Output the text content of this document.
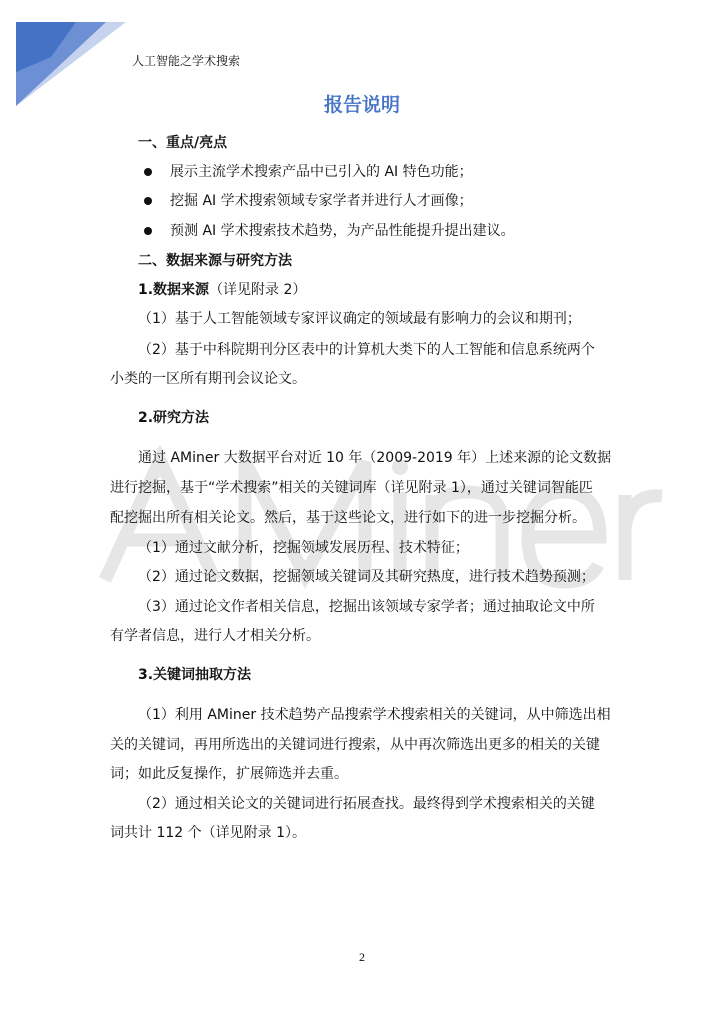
人工智能之学术搜索
报告说明
一、重点/亮点
展示主流学术搜索产品中已引入的 AI 特色功能；
挖掘 AI 学术搜索领域专家学者并进行人才画像；
预测 AI 学术搜索技术趋势，为产品性能提升提出建议。
二、数据来源与研究方法
1.数据来源（详见附录 2）
（1）基于人工智能领域专家评议确定的领域最有影响力的会议和期刊；
（2）基于中科院期刊分区表中的计算机大类下的人工智能和信息系统两个
小类的一区所有期刊会议论文。
2.研究方法
通过 AMiner 大数据平台对近 10 年（2009-2019 年）上述来源的论文数据
进行挖掘，基于“学术搜索”相关的关键词库（详见附录 1），通过关键词智能匹
配挖掘出所有相关论文。然后，基于这些论文，进行如下的进一步挖掘分析。
（1）通过文献分析，挖掘领域发展历程、技术特征；
（2）通过论文数据，挖掘领域关键词及其研究热度，进行技术趋势预测；
（3）通过论文作者相关信息，挖掘出该领域专家学者；通过抽取论文中所
有学者信息，进行人才相关分析。
3.关键词抽取方法
（1）利用 AMiner 技术趋势产品搜索学术搜索相关的关键词，从中筛选出相
关的关键词，再用所选出的关键词进行搜索，从中再次筛选出更多的相关的关键
词；如此反复操作，扩展筛选并去重。
（2）通过相关论文的关键词进行拓展查找。最终得到学术搜索相关的关键
词共计 112 个（详见附录 1）。
2
